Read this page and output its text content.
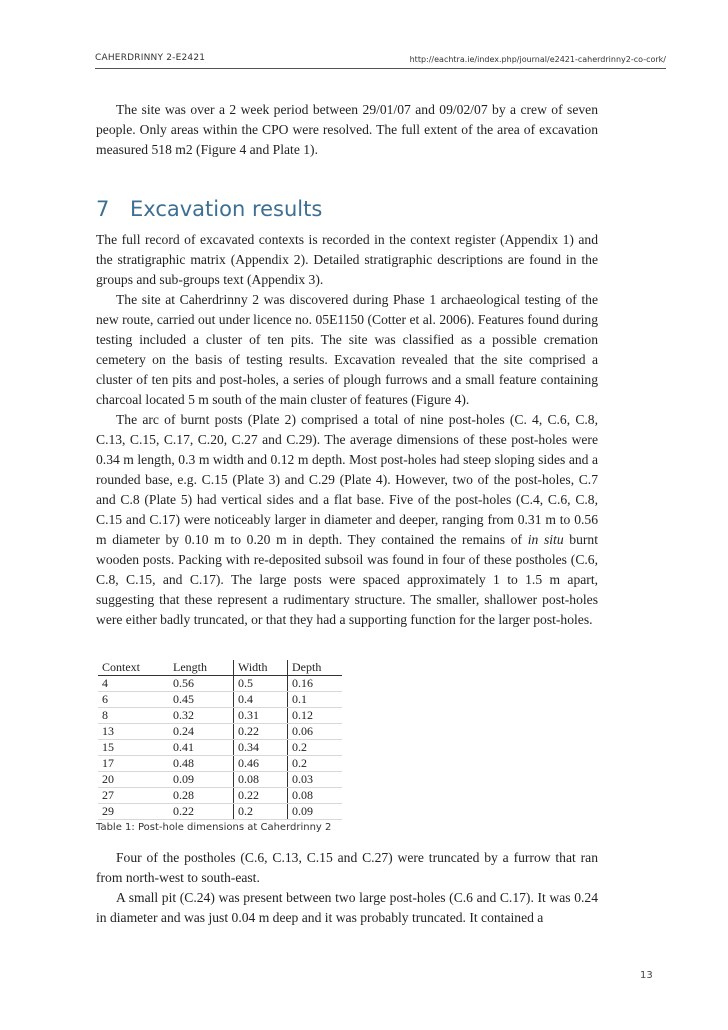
CAHERDRINNY 2-E2421	http://eachtra.ie/index.php/journal/e2421-caherdrinny2-co-cork/

The site was over a 2 week period between 29/01/07 and 09/02/07 by a crew of seven people. Only areas within the CPO were resolved. The full extent of the area of excavation measured 518 m2 (Figure 4 and Plate 1).

7 Excavation results

The full record of excavated contexts is recorded in the context register (Appendix 1) and the stratigraphic matrix (Appendix 2). Detailed stratigraphic descriptions are found in the groups and sub-groups text (Appendix 3).

The site at Caherdrinny 2 was discovered during Phase 1 archaeological testing of the new route, carried out under licence no. 05E1150 (Cotter et al. 2006). Features found during testing included a cluster of ten pits. The site was classified as a possible cremation cemetery on the basis of testing results. Excavation revealed that the site comprised a cluster of ten pits and post-holes, a series of plough furrows and a small feature containing charcoal located 5 m south of the main cluster of features (Figure 4).

The arc of burnt posts (Plate 2) comprised a total of nine post-holes (C. 4, C.6, C.8, C.13, C.15, C.17, C.20, C.27 and C.29). The average dimensions of these post-holes were 0.34 m length, 0.3 m width and 0.12 m depth. Most post-holes had steep sloping sides and a rounded base, e.g. C.15 (Plate 3) and C.29 (Plate 4). However, two of the post-holes, C.7 and C.8 (Plate 5) had vertical sides and a flat base. Five of the post-holes (C.4, C.6, C.8, C.15 and C.17) were noticeably larger in diameter and deeper, ranging from 0.31 m to 0.56 m diameter by 0.10 m to 0.20 m in depth. They contained the remains of in situ burnt wooden posts. Packing with re-deposited subsoil was found in four of these postholes (C.6, C.8, C.15, and C.17). The large posts were spaced approximately 1 to 1.5 m apart, suggesting that these represent a rudimentary structure. The smaller, shallower post-holes were either badly truncated, or that they had a supporting function for the larger post-holes.

Context	Length	Width	Depth
4	0.56	0.5	0.16
6	0.45	0.4	0.1
8	0.32	0.31	0.12
13	0.24	0.22	0.06
15	0.41	0.34	0.2
17	0.48	0.46	0.2
20	0.09	0.08	0.03
27	0.28	0.22	0.08
29	0.22	0.2	0.09
Table 1: Post-hole dimensions at Caherdrinny 2

Four of the postholes (C.6, C.13, C.15 and C.27) were truncated by a furrow that ran from north-west to south-east.

A small pit (C.24) was present between two large post-holes (C.6 and C.17). It was 0.24 in diameter and was just 0.04 m deep and it was probably truncated. It contained a

13
